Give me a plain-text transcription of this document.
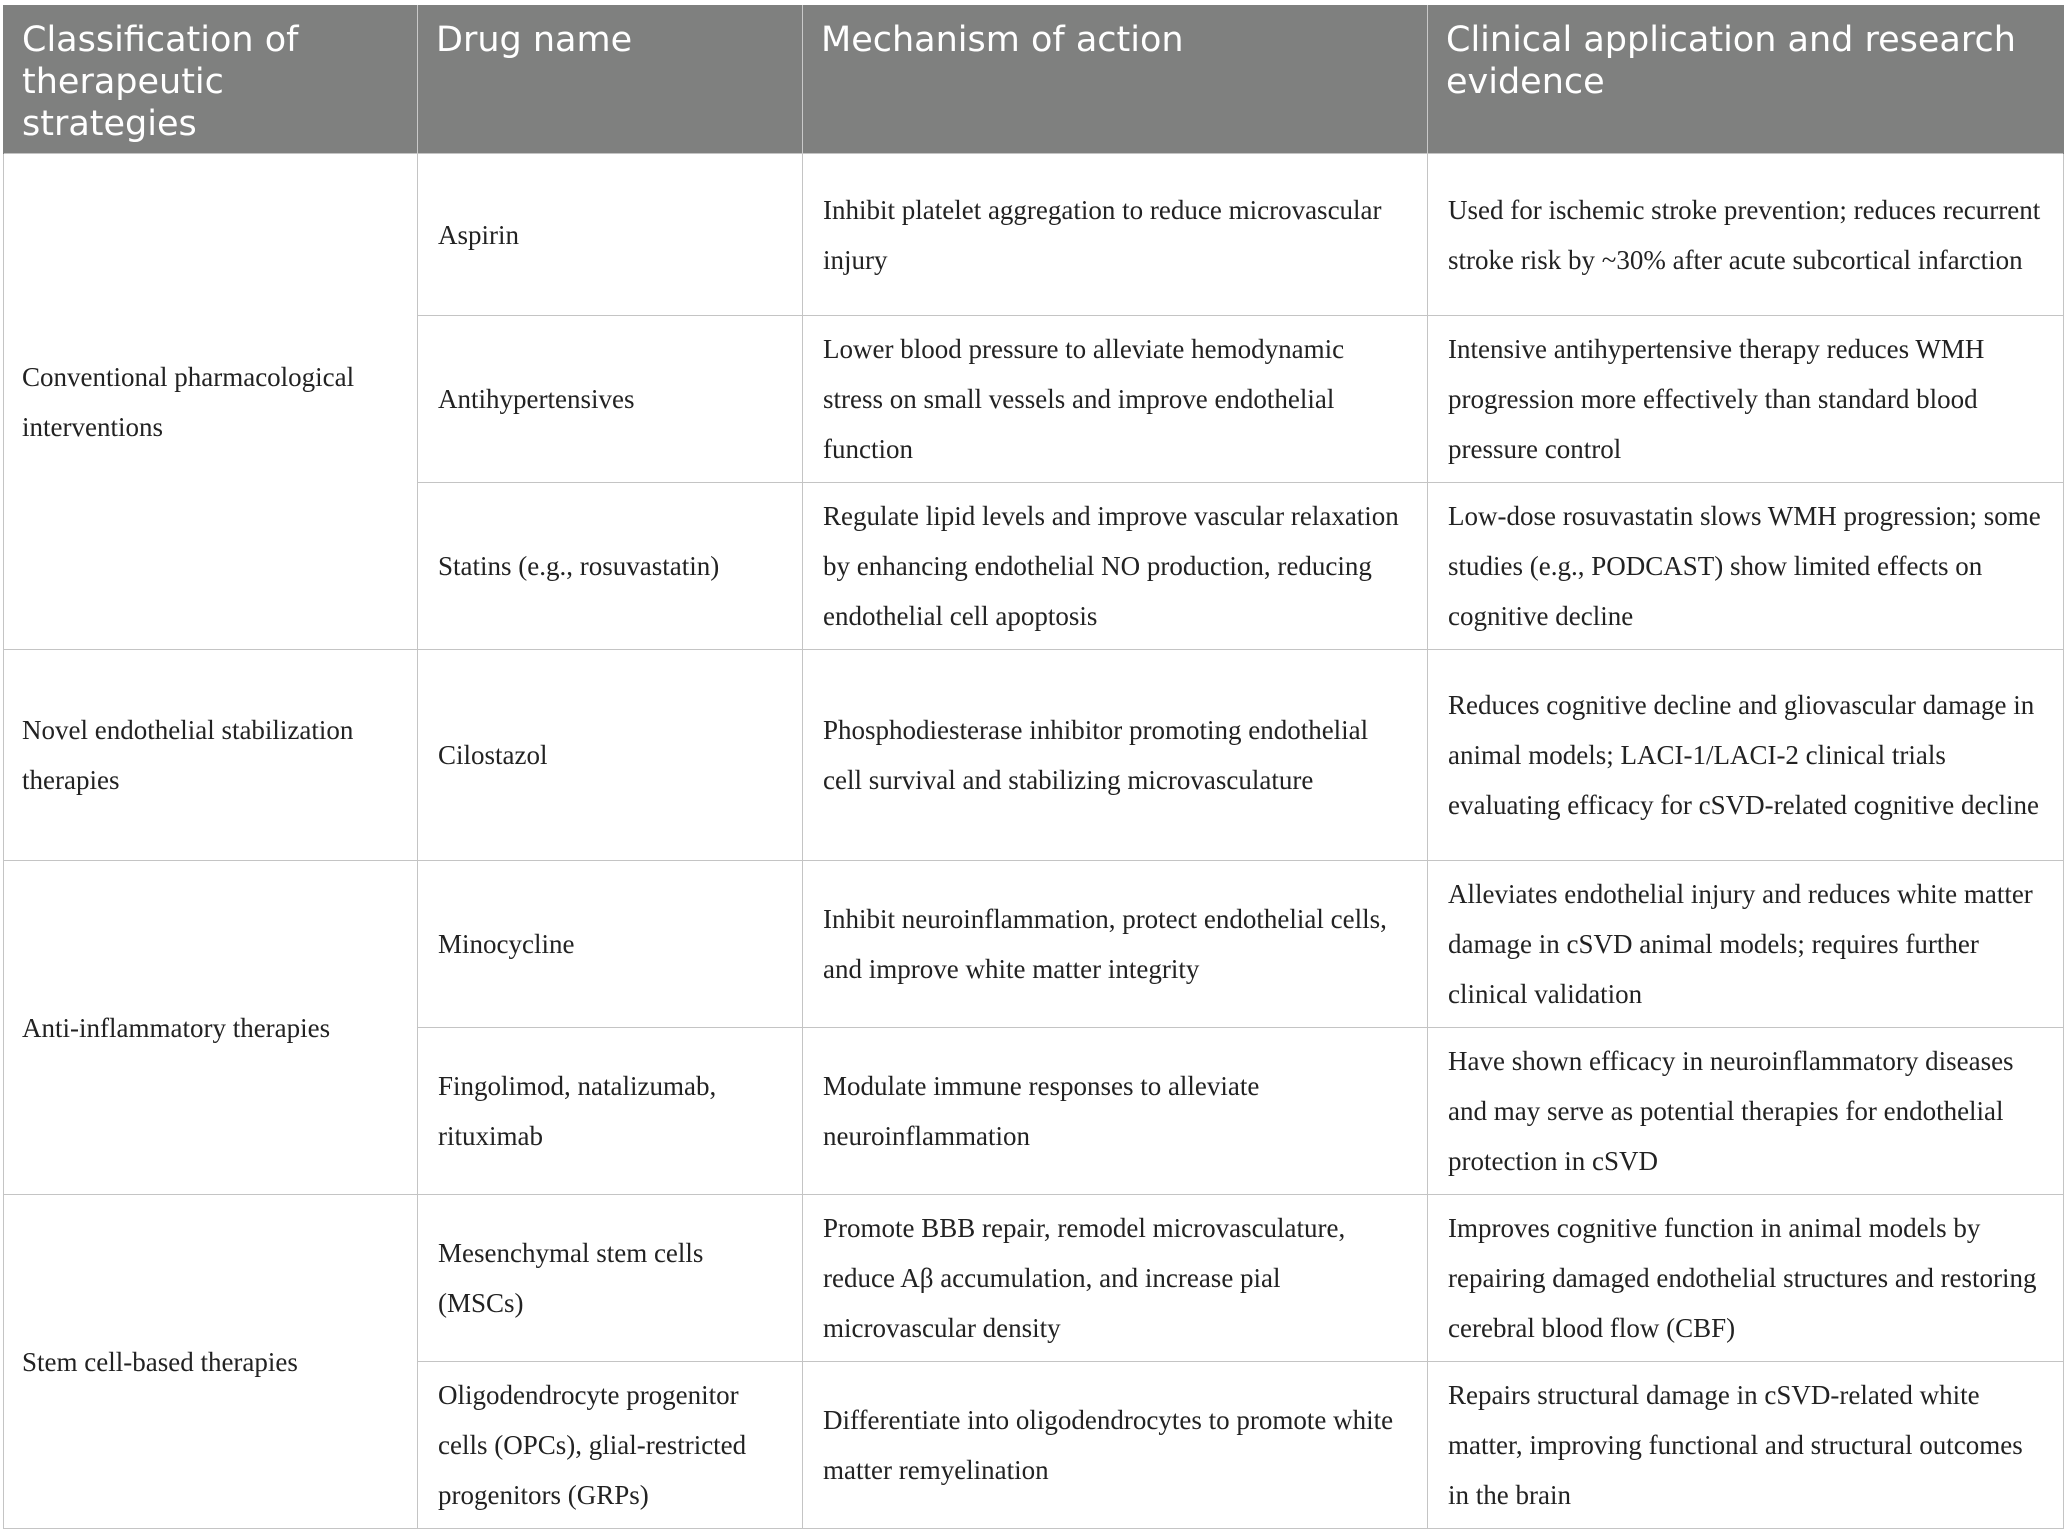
Classification of therapeutic strategies	Drug name	Mechanism of action	Clinical application and research evidence
Conventional pharmacological interventions	Aspirin	Inhibit platelet aggregation to reduce microvascular injury	Used for ischemic stroke prevention; reduces recurrent stroke risk by ~30% after acute subcortical infarction
	Antihypertensives	Lower blood pressure to alleviate hemodynamic stress on small vessels and improve endothelial function	Intensive antihypertensive therapy reduces WMH progression more effectively than standard blood pressure control
	Statins (e.g., rosuvastatin)	Regulate lipid levels and improve vascular relaxation by enhancing endothelial NO production, reducing endothelial cell apoptosis	Low-dose rosuvastatin slows WMH progression; some studies (e.g., PODCAST) show limited effects on cognitive decline
Novel endothelial stabilization therapies	Cilostazol	Phosphodiesterase inhibitor promoting endothelial cell survival and stabilizing microvasculature	Reduces cognitive decline and gliovascular damage in animal models; LACI-1/LACI-2 clinical trials evaluating efficacy for cSVD-related cognitive decline
Anti-inflammatory therapies	Minocycline	Inhibit neuroinflammation, protect endothelial cells, and improve white matter integrity	Alleviates endothelial injury and reduces white matter damage in cSVD animal models; requires further clinical validation
	Fingolimod, natalizumab, rituximab	Modulate immune responses to alleviate neuroinflammation	Have shown efficacy in neuroinflammatory diseases and may serve as potential therapies for endothelial protection in cSVD
Stem cell-based therapies	Mesenchymal stem cells (MSCs)	Promote BBB repair, remodel microvasculature, reduce Aβ accumulation, and increase pial microvascular density	Improves cognitive function in animal models by repairing damaged endothelial structures and restoring cerebral blood flow (CBF)
	Oligodendrocyte progenitor cells (OPCs), glial-restricted progenitors (GRPs)	Differentiate into oligodendrocytes to promote white matter remyelination	Repairs structural damage in cSVD-related white matter, improving functional and structural outcomes in the brain
